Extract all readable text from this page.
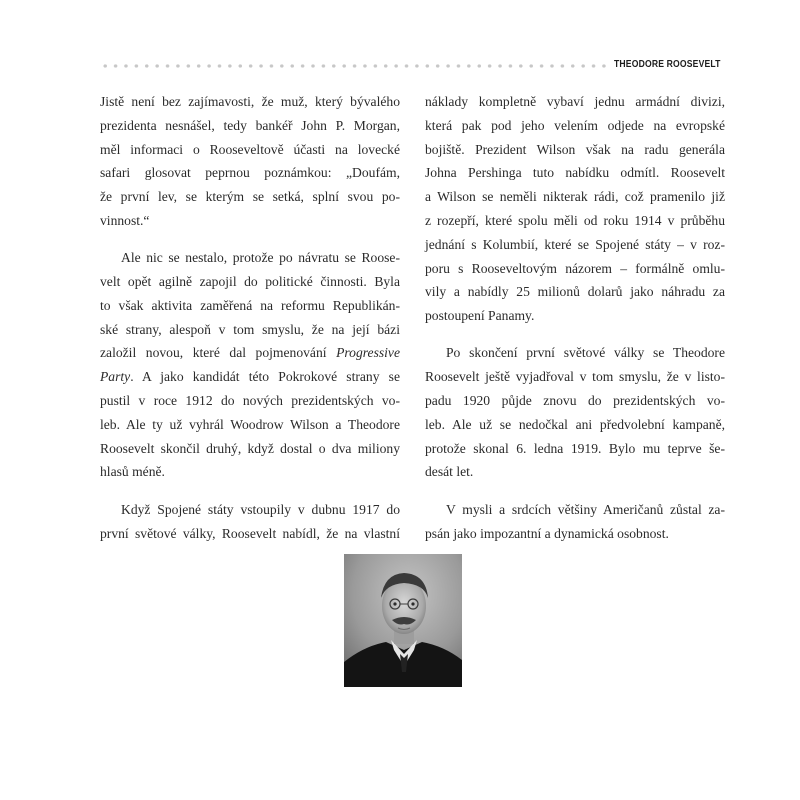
THEODORE ROOSEVELT

Jistě není bez zajímavosti, že muž, který bývalého
prezidenta nesnášel, tedy bankéř John P. Morgan,
měl informaci o Rooseveltově účasti na lovecké
safari glosovat peprnou poznámkou: „Doufám,
že první lev, se kterým se setká, splní svou po-
vinnost.“

Ale nic se nestalo, protože po návratu se Roose-
velt opět agilně zapojil do politické činnosti. Byla
to však aktivita zaměřená na reformu Republikán-
ské strany, alespoň v tom smyslu, že na její bázi
založil novou, které dal pojmenování Progressive
Party. A jako kandidát této Pokrokové strany se
pustil v roce 1912 do nových prezidentských vo-
leb. Ale ty už vyhrál Woodrow Wilson a Theodore
Roosevelt skončil druhý, když dostal o dva miliony
hlasů méně.

Když Spojené státy vstoupily v dubnu 1917 do
první světové války, Roosevelt nabídl, že na vlastní

náklady kompletně vybaví jednu armádní divizi,
která pak pod jeho velením odjede na evropské
bojiště. Prezident Wilson však na radu generála
Johna Pershinga tuto nabídku odmítl. Roosevelt
a Wilson se neměli nikterak rádi, což pramenilo již
z rozepří, které spolu měli od roku 1914 v průběhu
jednání s Kolumbií, které se Spojené státy – v roz-
poru s Rooseveltovým názorem – formálně omlu-
vily a nabídly 25 milionů dolarů jako náhradu za
postoupení Panamy.

Po skončení první světové války se Theodore
Roosevelt ještě vyjadřoval v tom smyslu, že v listo-
padu 1920 půjde znovu do prezidentských vo-
leb. Ale už se nedočkal ani předvolební kampaně,
protože skonal 6. ledna 1919. Bylo mu teprve še-
desát let.

V mysli a srdcích většiny Američanů zůstal za-
psán jako impozantní a dynamická osobnost.
